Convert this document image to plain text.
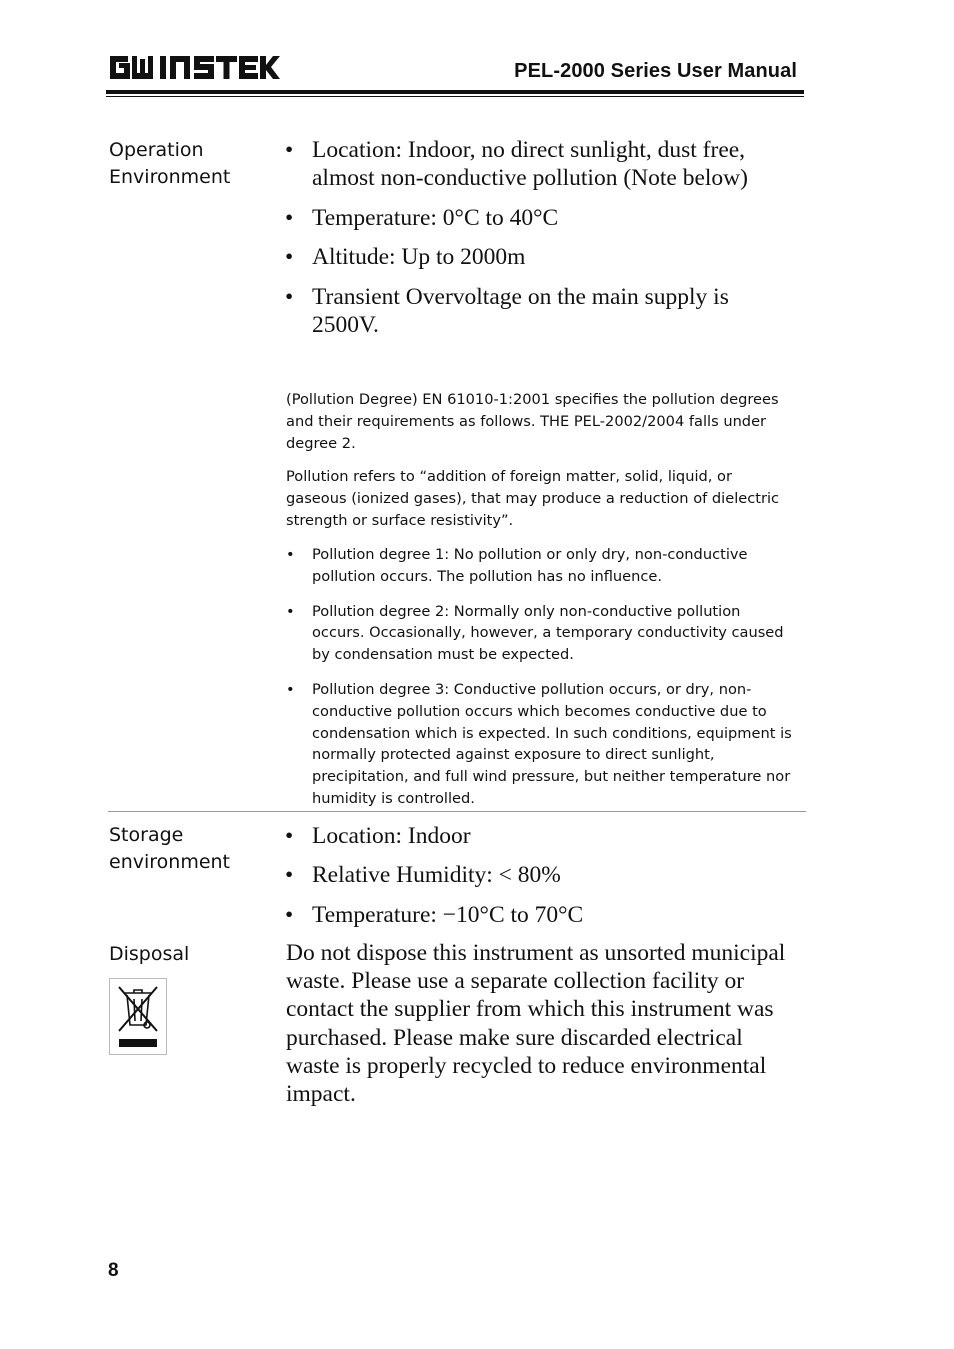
GW INSTEK
PEL-2000 Series User Manual
Operation
Environment
• Location: Indoor, no direct sunlight, dust free, almost non-conductive pollution (Note below)
• Temperature: 0°C to 40°C
• Altitude: Up to 2000m
• Transient Overvoltage on the main supply is 2500V.

(Pollution Degree) EN 61010-1:2001 specifies the pollution degrees and their requirements as follows. THE PEL-2002/2004 falls under degree 2.

Pollution refers to “addition of foreign matter, solid, liquid, or gaseous (ionized gases), that may produce a reduction of dielectric strength or surface resistivity”.

• Pollution degree 1: No pollution or only dry, non-conductive pollution occurs. The pollution has no influence.
• Pollution degree 2: Normally only non-conductive pollution occurs. Occasionally, however, a temporary conductivity caused by condensation must be expected.
• Pollution degree 3: Conductive pollution occurs, or dry, non-conductive pollution occurs which becomes conductive due to condensation which is expected. In such conditions, equipment is normally protected against exposure to direct sunlight, precipitation, and full wind pressure, but neither temperature nor humidity is controlled.
Storage
environment
• Location: Indoor
• Relative Humidity: < 80%
• Temperature: −10°C to 70°C
Disposal	Do not dispose this instrument as unsorted municipal waste. Please use a separate collection facility or contact the supplier from which this instrument was purchased. Please make sure discarded electrical waste is properly recycled to reduce environmental impact.

8
